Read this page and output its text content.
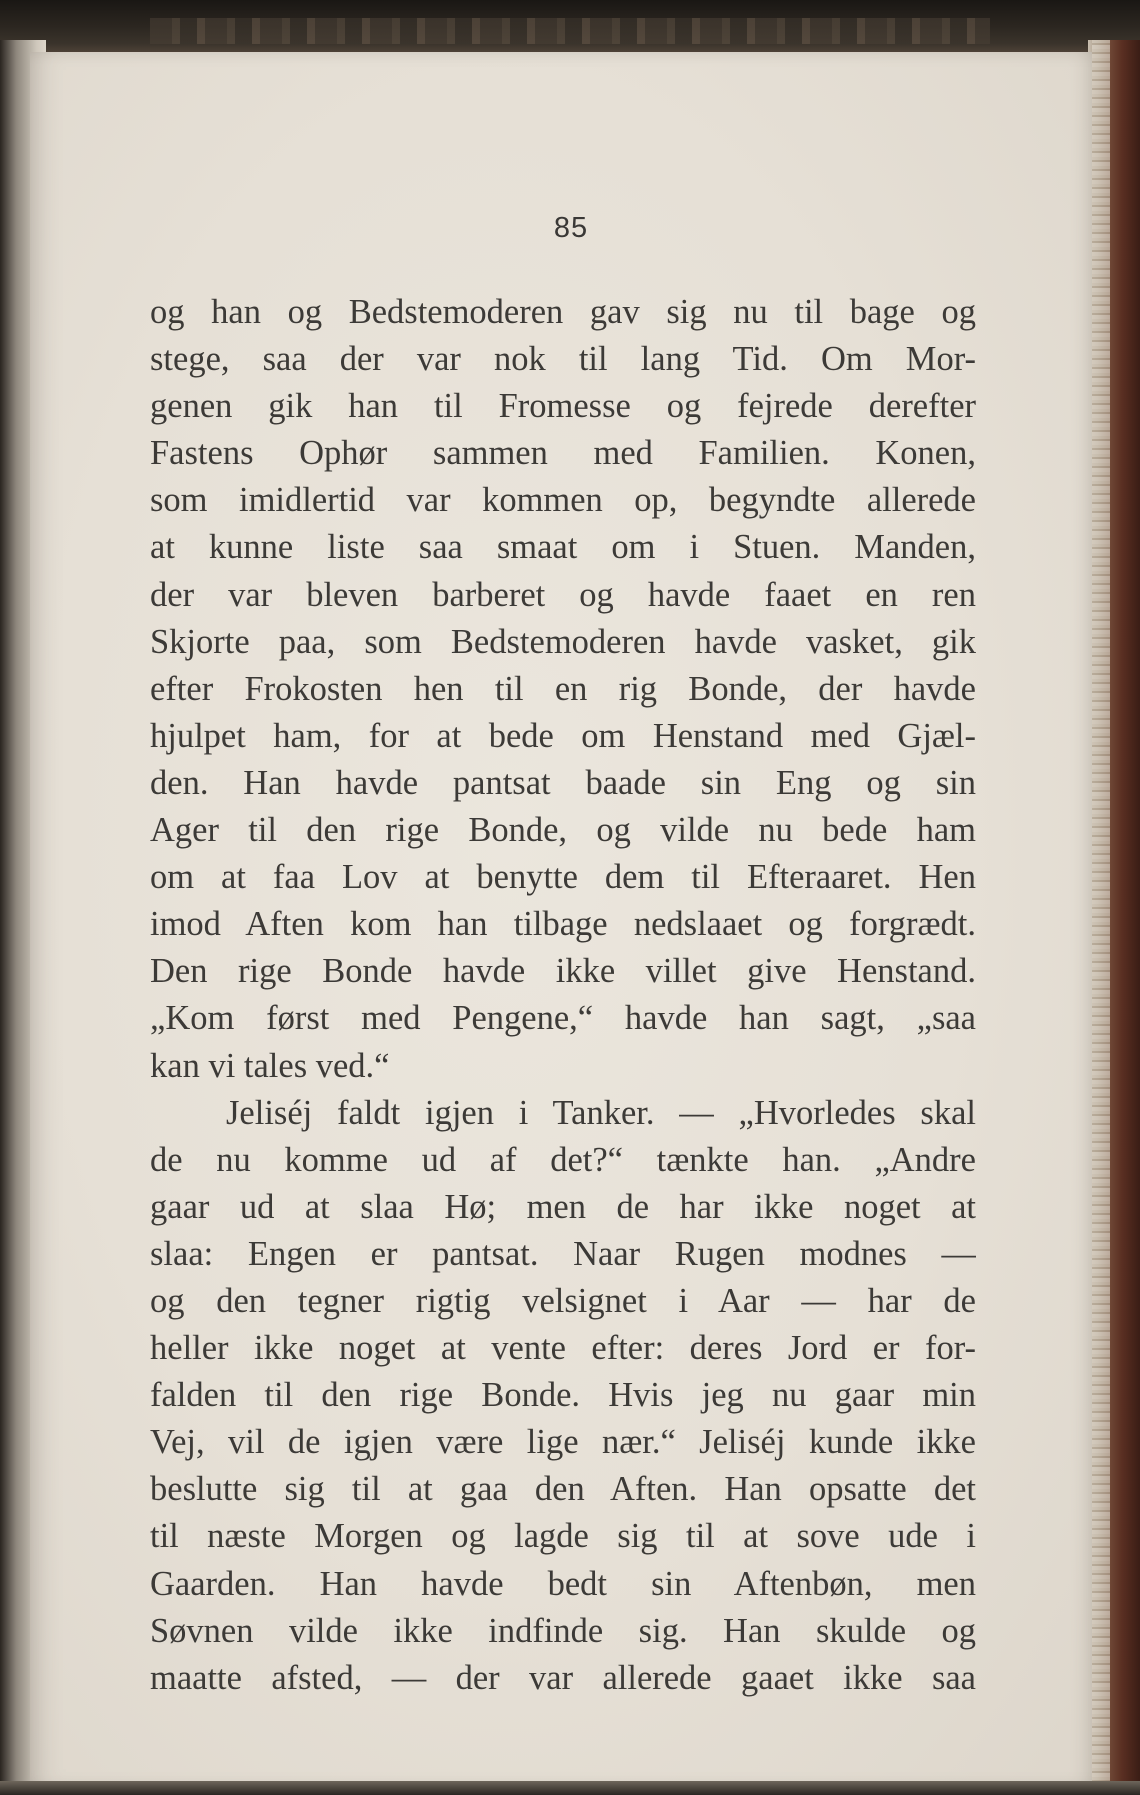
85
og han og Bedstemoderen gav sig nu til bage og
stege, saa der var nok til lang Tid. Om Mor-
genen gik han til Fromesse og fejrede derefter
Fastens Ophør sammen med Familien. Konen,
som imidlertid var kommen op, begyndte allerede
at kunne liste saa smaat om i Stuen. Manden,
der var bleven barberet og havde faaet en ren
Skjorte paa, som Bedstemoderen havde vasket, gik
efter Frokosten hen til en rig Bonde, der havde
hjulpet ham, for at bede om Henstand med Gjæl-
den. Han havde pantsat baade sin Eng og sin
Ager til den rige Bonde, og vilde nu bede ham
om at faa Lov at benytte dem til Efteraaret. Hen
imod Aften kom han tilbage nedslaaet og forgrædt.
Den rige Bonde havde ikke villet give Henstand.
„Kom først med Pengene,“ havde han sagt, „saa
kan vi tales ved.“
Jeliséj faldt igjen i Tanker. — „Hvorledes skal
de nu komme ud af det?“ tænkte han. „Andre
gaar ud at slaa Hø; men de har ikke noget at
slaa: Engen er pantsat. Naar Rugen modnes —
og den tegner rigtig velsignet i Aar — har de
heller ikke noget at vente efter: deres Jord er for-
falden til den rige Bonde. Hvis jeg nu gaar min
Vej, vil de igjen være lige nær.“ Jeliséj kunde ikke
beslutte sig til at gaa den Aften. Han opsatte det
til næste Morgen og lagde sig til at sove ude i
Gaarden. Han havde bedt sin Aftenbøn, men
Søvnen vilde ikke indfinde sig. Han skulde og
maatte afsted, — der var allerede gaaet ikke saa
